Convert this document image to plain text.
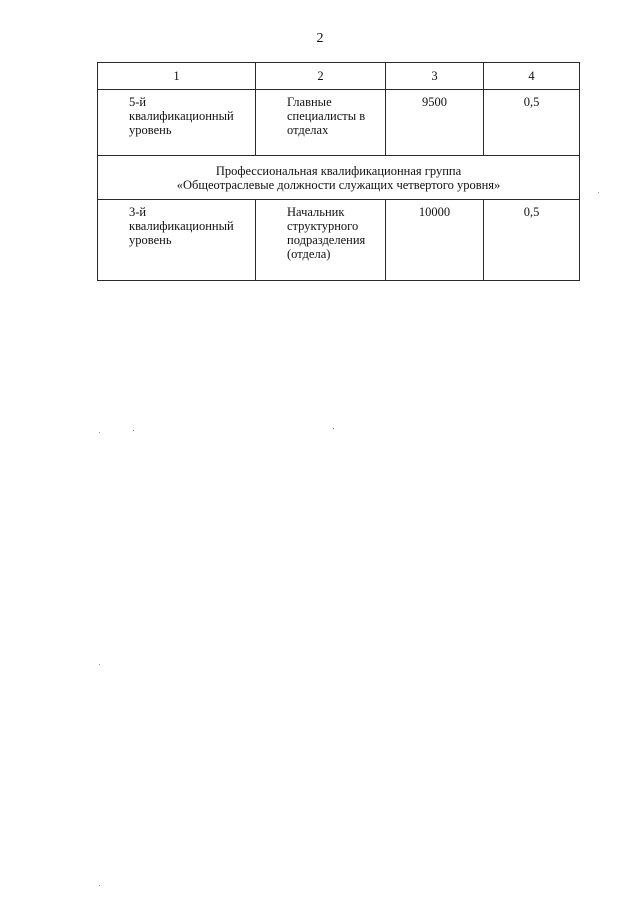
2
1	2	3	4

5-й
квалификационный
уровень	Главные
специалисты в
отделах	9500	0,5

Профессиональная квалификационная группа
«Общеотраслевые должности служащих четвертого уровня»			

3-й
квалификационный
уровень	Начальник
структурного
подразделения
(отдела)	10000	0,5
